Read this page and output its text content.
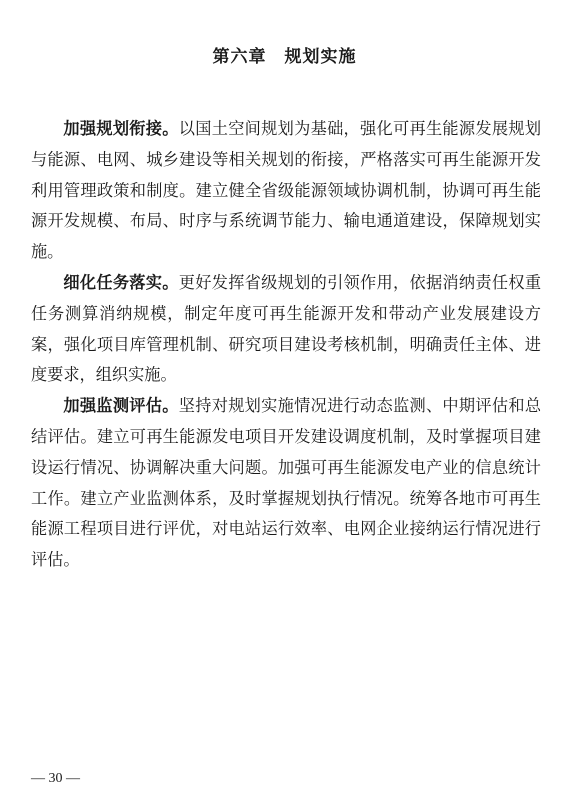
第六章　规划实施

加强规划衔接。以国土空间规划为基础，强化可再生能源发展规划与能源、电网、城乡建设等相关规划的衔接，严格落实可再生能源开发利用管理政策和制度。建立健全省级能源领域协调机制，协调可再生能源开发规模、布局、时序与系统调节能力、输电通道建设，保障规划实施。

细化任务落实。更好发挥省级规划的引领作用，依据消纳责任权重任务测算消纳规模，制定年度可再生能源开发和带动产业发展建设方案，强化项目库管理机制、研究项目建设考核机制，明确责任主体、进度要求，组织实施。

加强监测评估。坚持对规划实施情况进行动态监测、中期评估和总结评估。建立可再生能源发电项目开发建设调度机制，及时掌握项目建设运行情况、协调解决重大问题。加强可再生能源发电产业的信息统计工作。建立产业监测体系，及时掌握规划执行情况。统筹各地市可再生能源工程项目进行评优，对电站运行效率、电网企业接纳运行情况进行评估。

— 30 —
